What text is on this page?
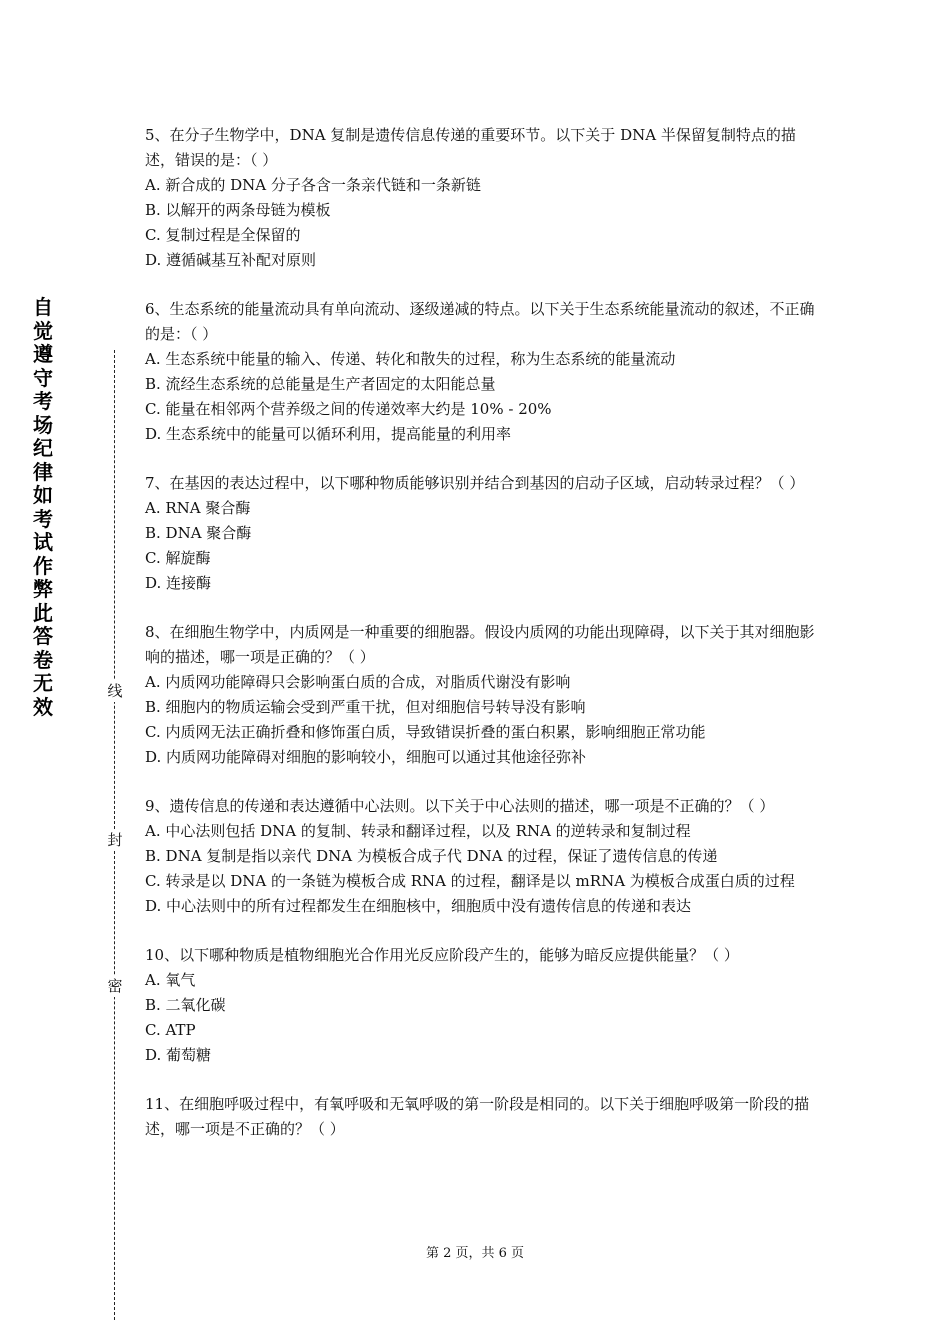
自
觉
遵
守
考
场
纪
律
如
考
试
作
弊
此
答
卷
无
效
线
封
密

5、在分子生物学中，DNA 复制是遗传信息传递的重要环节。以下关于 DNA 半保留复制特点的描述，错误的是：（ ）

A. 新合成的 DNA 分子各含一条亲代链和一条新链

B. 以解开的两条母链为模板

C. 复制过程是全保留的

D. 遵循碱基互补配对原则

6、生态系统的能量流动具有单向流动、逐级递减的特点。以下关于生态系统能量流动的叙述，不正确的是：（ ）

A. 生态系统中能量的输入、传递、转化和散失的过程，称为生态系统的能量流动

B. 流经生态系统的总能量是生产者固定的太阳能总量

C. 能量在相邻两个营养级之间的传递效率大约是 10% - 20%

D. 生态系统中的能量可以循环利用，提高能量的利用率

7、在基因的表达过程中，以下哪种物质能够识别并结合到基因的启动子区域，启动转录过程？（ ）

A. RNA 聚合酶

B. DNA 聚合酶

C. 解旋酶

D. 连接酶

8、在细胞生物学中，内质网是一种重要的细胞器。假设内质网的功能出现障碍，以下关于其对细胞影响的描述，哪一项是正确的？（ ）

A. 内质网功能障碍只会影响蛋白质的合成，对脂质代谢没有影响

B. 细胞内的物质运输会受到严重干扰，但对细胞信号转导没有影响

C. 内质网无法正确折叠和修饰蛋白质，导致错误折叠的蛋白积累，影响细胞正常功能

D. 内质网功能障碍对细胞的影响较小，细胞可以通过其他途径弥补

9、遗传信息的传递和表达遵循中心法则。以下关于中心法则的描述，哪一项是不正确的？（ ）

A. 中心法则包括 DNA 的复制、转录和翻译过程，以及 RNA 的逆转录和复制过程

B. DNA 复制是指以亲代 DNA 为模板合成子代 DNA 的过程，保证了遗传信息的传递

C. 转录是以 DNA 的一条链为模板合成 RNA 的过程，翻译是以 mRNA 为模板合成蛋白质的过程

D. 中心法则中的所有过程都发生在细胞核中，细胞质中没有遗传信息的传递和表达

10、以下哪种物质是植物细胞光合作用光反应阶段产生的，能够为暗反应提供能量？（ ）

A. 氧气

B. 二氧化碳

C. ATP

D. 葡萄糖

11、在细胞呼吸过程中，有氧呼吸和无氧呼吸的第一阶段是相同的。以下关于细胞呼吸第一阶段的描述，哪一项是不正确的？（ ）

第 2 页，共 6 页
